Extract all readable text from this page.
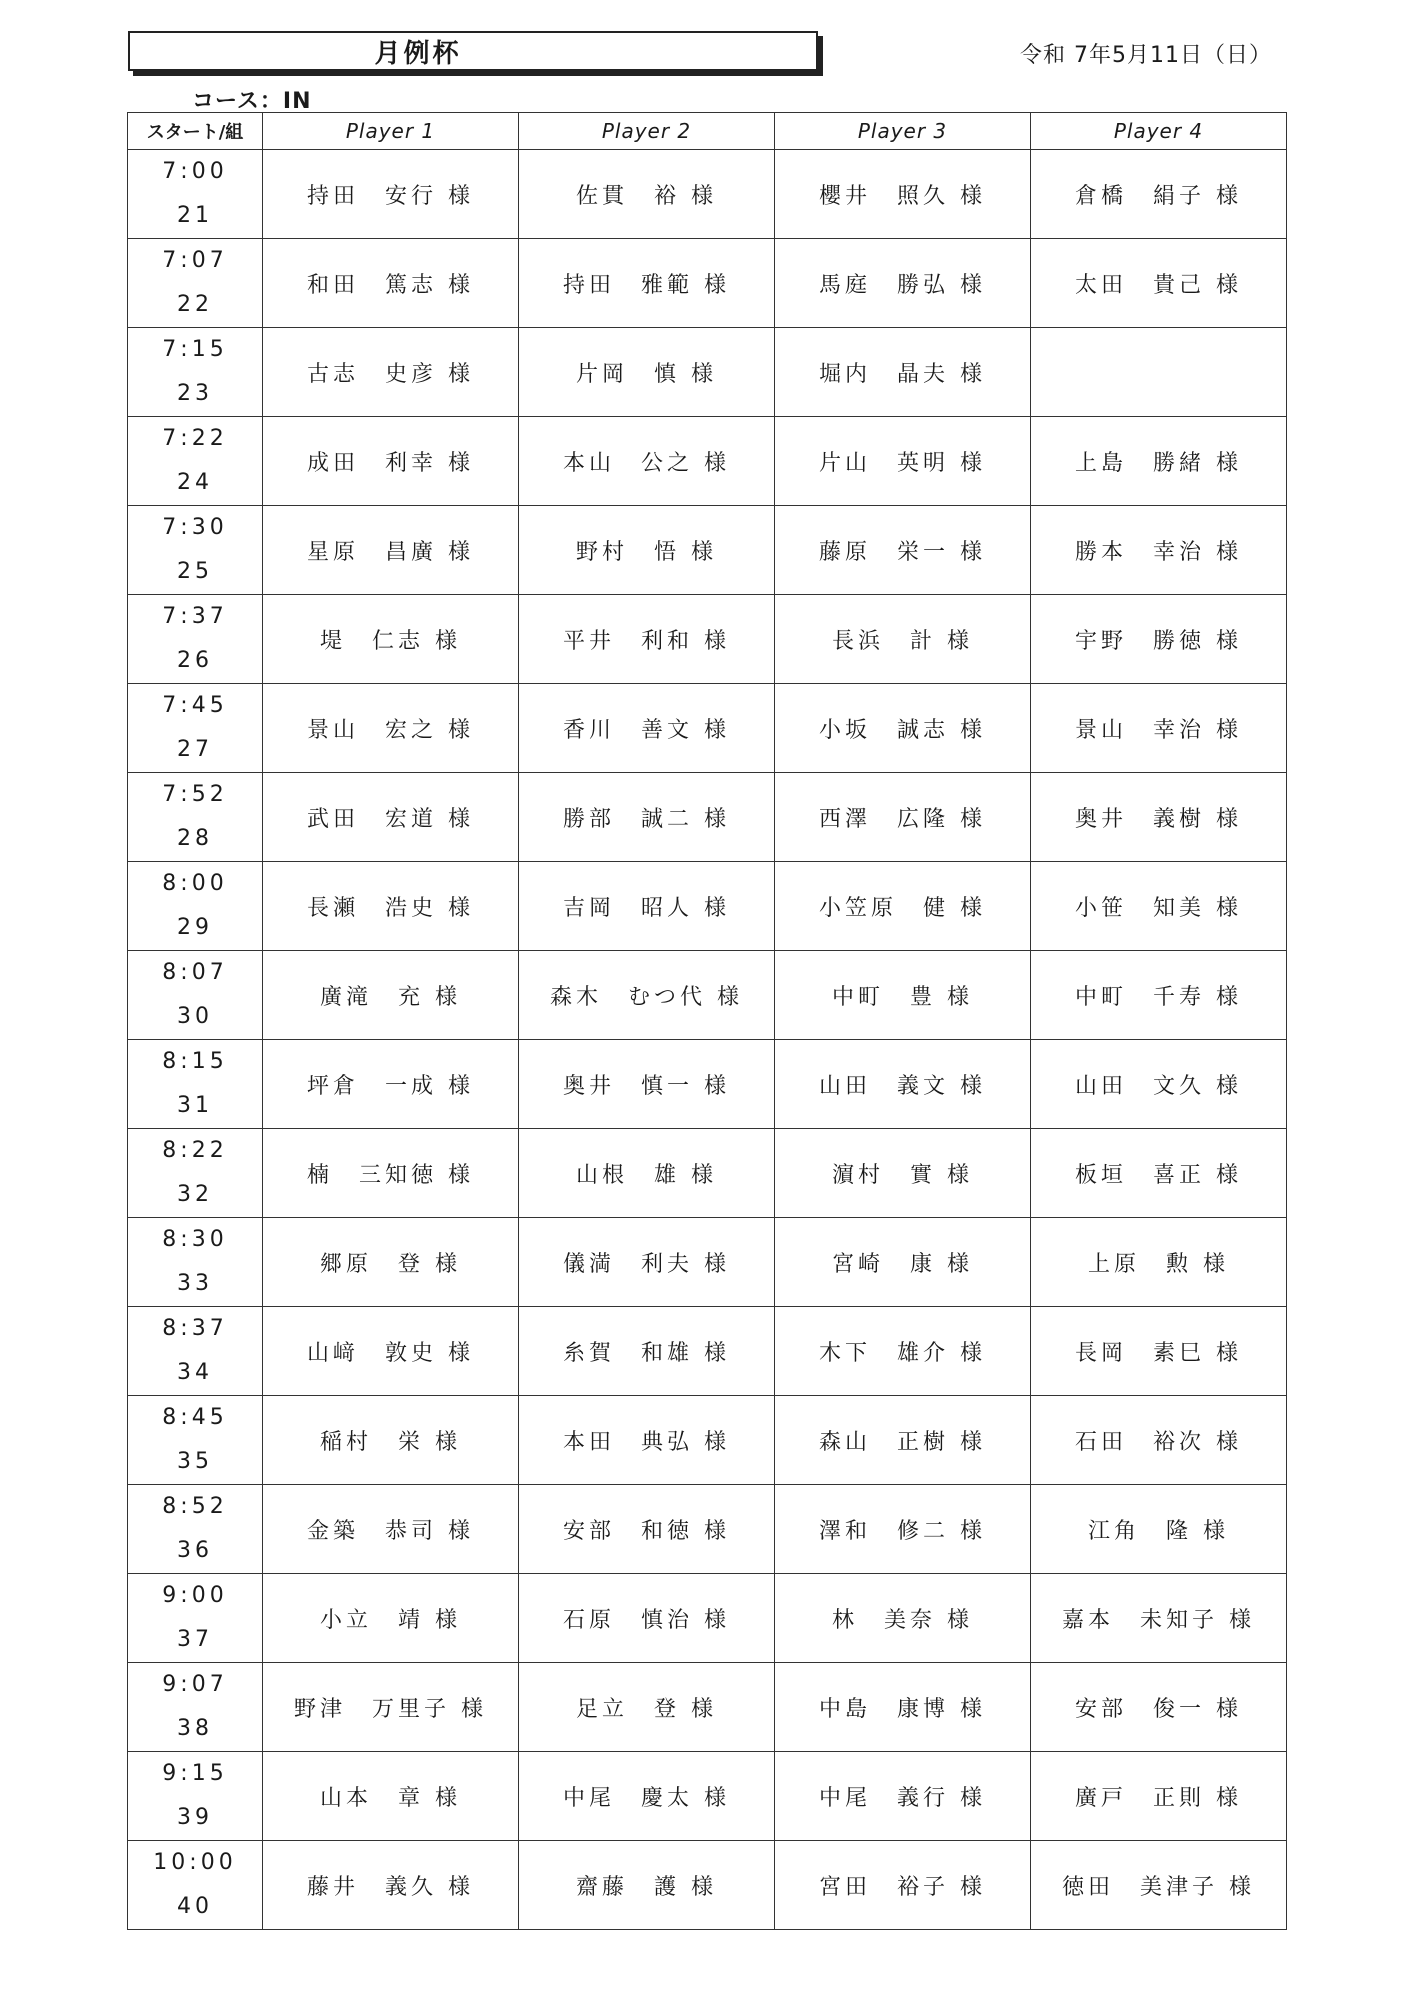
月例杯	令和 7年5月11日（日）
コース：IN
スタート/組	Player 1	Player 2	Player 3	Player 4

7:00
21	持田　安行 様	佐貫　裕 様	櫻井　照久 様	倉橋　絹子 様

7:07
22	和田　篤志 様	持田　雅範 様	馬庭　勝弘 様	太田　貴己 様

7:15
23	古志　史彦 様	片岡　慎 様	堀内　晶夫 様	

7:22
24	成田　利幸 様	本山　公之 様	片山　英明 様	上島　勝緒 様

7:30
25	星原　昌廣 様	野村　悟 様	藤原　栄一 様	勝本　幸治 様

7:37
26	堤　仁志 様	平井　利和 様	長浜　計 様	宇野　勝徳 様

7:45
27	景山　宏之 様	香川　善文 様	小坂　誠志 様	景山　幸治 様

7:52
28	武田　宏道 様	勝部　誠二 様	西澤　広隆 様	奥井　義樹 様

8:00
29	長瀬　浩史 様	吉岡　昭人 様	小笠原　健 様	小笹　知美 様

8:07
30	廣滝　充 様	森木　むつ代 様	中町　豊 様	中町　千寿 様

8:15
31	坪倉　一成 様	奥井　慎一 様	山田　義文 様	山田　文久 様

8:22
32	楠　三知徳 様	山根　雄 様	濵村　實 様	板垣　喜正 様

8:30
33	郷原　登 様	儀満　利夫 様	宮崎　康 様	上原　勲 様

8:37
34	山﨑　敦史 様	糸賀　和雄 様	木下　雄介 様	長岡　素巳 様

8:45
35	稲村　栄 様	本田　典弘 様	森山　正樹 様	石田　裕次 様

8:52
36	金築　恭司 様	安部　和徳 様	澤和　修二 様	江角　隆 様

9:00
37	小立　靖 様	石原　慎治 様	林　美奈 様	嘉本　未知子 様

9:07
38	野津　万里子 様	足立　登 様	中島　康博 様	安部　俊一 様

9:15
39	山本　章 様	中尾　慶太 様	中尾　義行 様	廣戸　正則 様

10:00
40	藤井　義久 様	齋藤　護 様	宮田　裕子 様	徳田　美津子 様
